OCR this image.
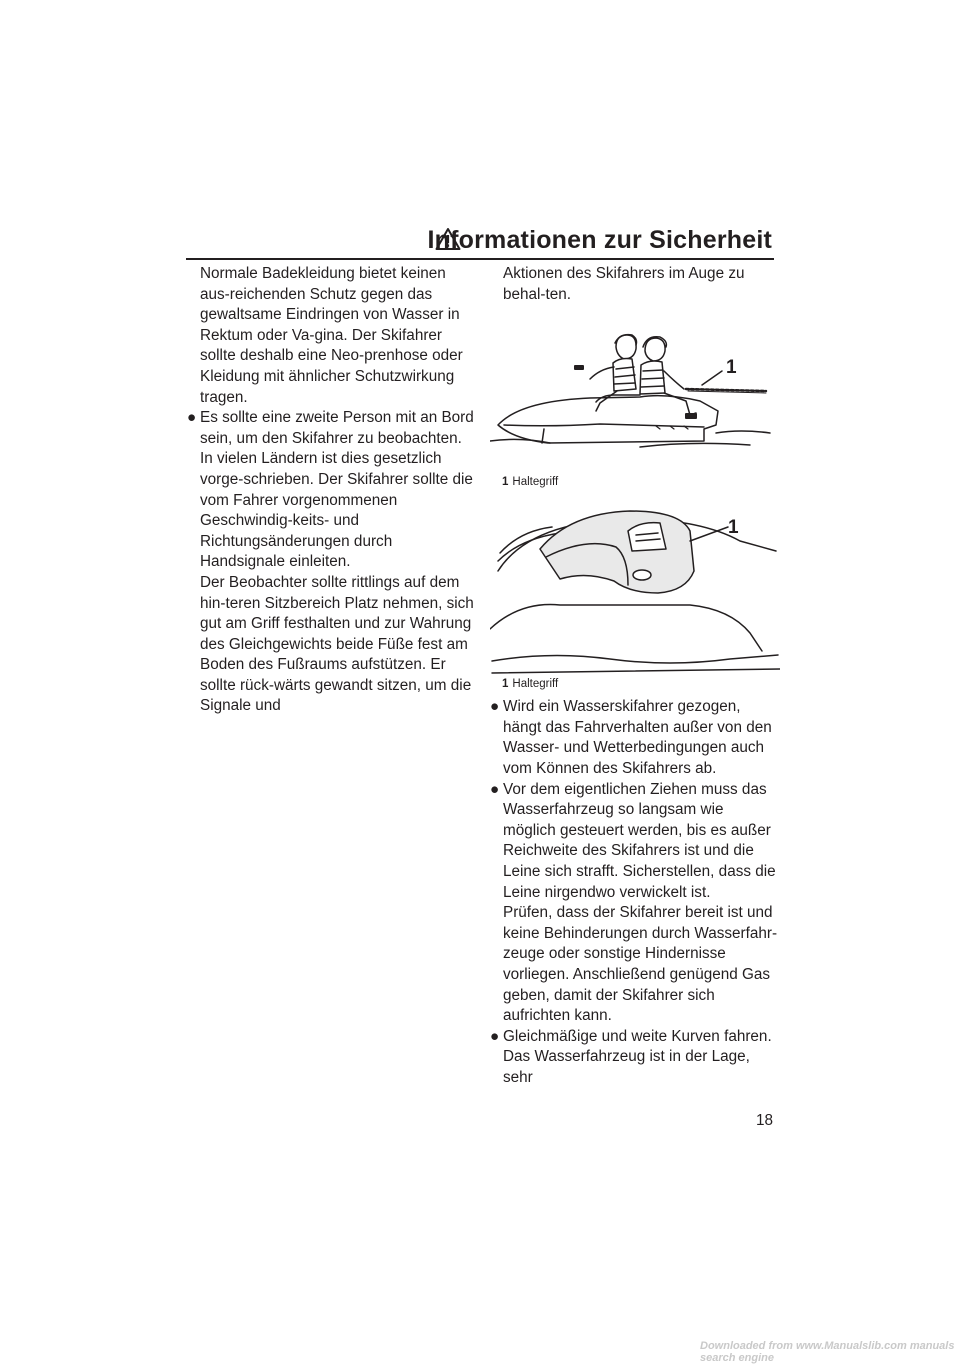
Informationen zur Sicherheit

Normale Badekleidung bietet keinen aus-reichenden Schutz gegen das gewaltsame Eindringen von Wasser in Rektum oder Va-gina. Der Skifahrer sollte deshalb eine Neo-prenhose oder Kleidung mit ähnlicher Schutzwirkung tragen.

● Es sollte eine zweite Person mit an Bord sein, um den Skifahrer zu beobachten. In vielen Ländern ist dies gesetzlich vorge-schrieben. Der Skifahrer sollte die vom Fahrer vorgenommenen Geschwindig-keits- und Richtungsänderungen durch Handsignale einleiten.

Der Beobachter sollte rittlings auf dem hin-teren Sitzbereich Platz nehmen, sich gut am Griff festhalten und zur Wahrung des Gleichgewichts beide Füße fest am Boden des Fußraums aufstützen. Er sollte rück-wärts gewandt sitzen, um die Signale und

Aktionen des Skifahrers im Auge zu behal-ten.

1
1 Haltegriff
1
1 Haltegriff
● Wird ein Wasserskifahrer gezogen, hängt das Fahrverhalten außer von den Wasser- und Wetterbedingungen auch vom Können des Skifahrers ab.

● Vor dem eigentlichen Ziehen muss das Wasserfahrzeug so langsam wie möglich gesteuert werden, bis es außer Reichweite des Skifahrers ist und die Leine sich strafft. Sicherstellen, dass die Leine nirgendwo verwickelt ist.

Prüfen, dass der Skifahrer bereit ist und keine Behinderungen durch Wasserfahr-zeuge oder sonstige Hindernisse vorliegen. Anschließend genügend Gas geben, damit der Skifahrer sich aufrichten kann.

● Gleichmäßige und weite Kurven fahren.

Das Wasserfahrzeug ist in der Lage, sehr

18
Downloaded from www.Manualslib.com manuals search engine
